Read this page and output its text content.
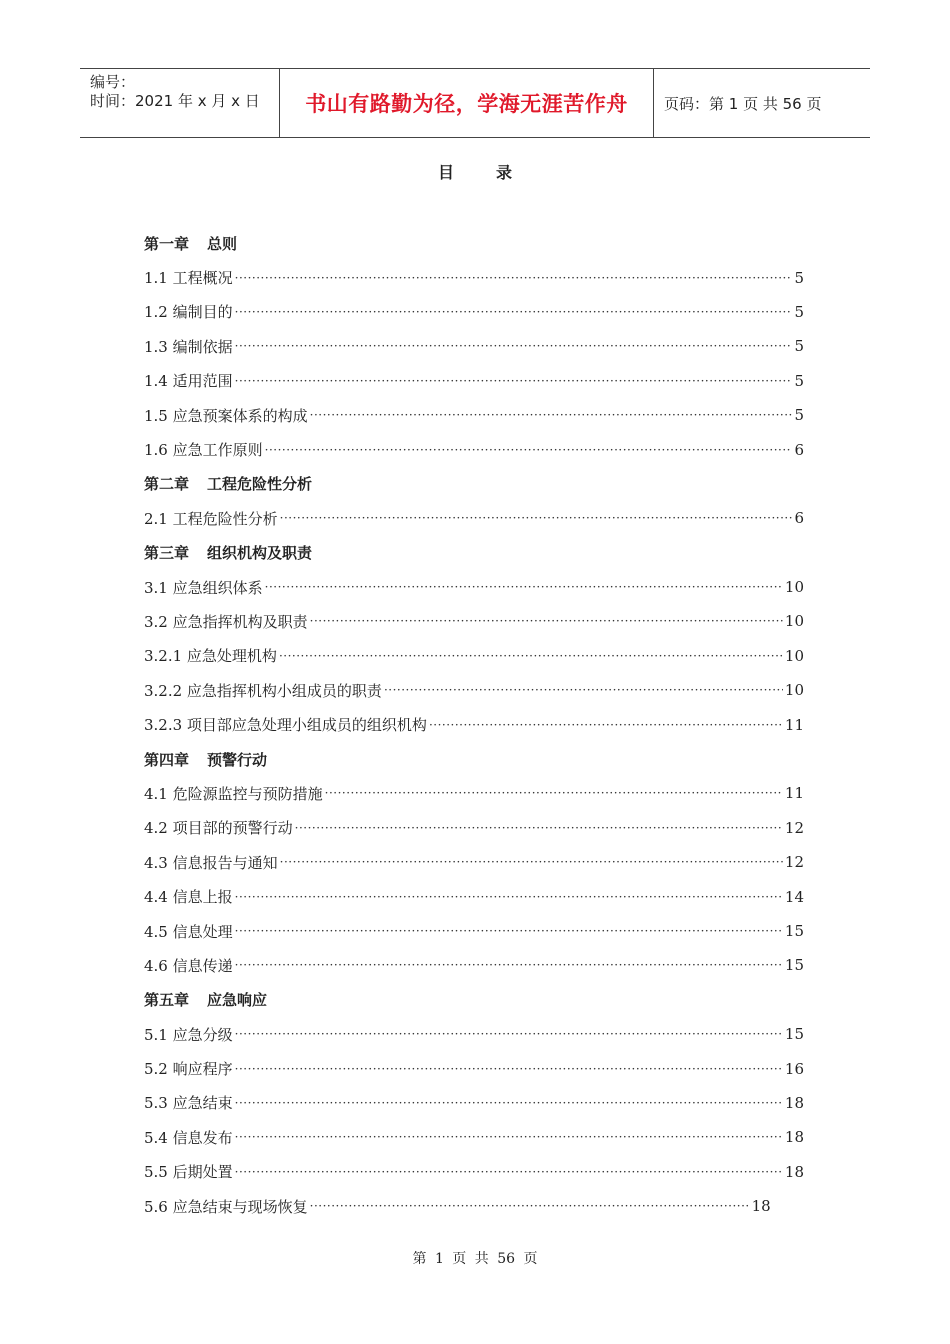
编号：
时间：2021 年 x 月 x 日 书山有路勤为径，学海无涯苦作舟	页码：第 1 页 共 56 页
目	录
第一章 总则
1.1 工程概况 ·····	5
1.2 编制目的 ·····	5
1.3 编制依据 ·····	5
1.4 适用范围 ·····	5
1.5 应急预案体系的构成 ·····	5
1.6 应急工作原则 ·····	6
第二章 工程危险性分析
2.1 工程危险性分析 ·····	6
第三章 组织机构及职责
3.1 应急组织体系 ·····	10
3.2 应急指挥机构及职责 ·····	10
3.2.1 应急处理机构 ·····	10
3.2.2 应急指挥机构小组成员的职责 ·····	10
3.2.3 项目部应急处理小组成员的组织机构 ·····	11
第四章 预警行动
4.1 危险源监控与预防措施 ·····	11
4.2 项目部的预警行动 ·····	12
4.3 信息报告与通知 ·····	12
4.4 信息上报 ·····	14
4.5 信息处理 ·····	15
4.6 信息传递 ·····	15
第五章 应急响应
5.1 应急分级 ·····	15
5.2 响应程序 ·····	16
5.3 应急结束 ·····	18
5.4 信息发布 ·····	18
5.5 后期处置 ·····	18
5.6 应急结束与现场恢复 ·····	18
第 1 页 共 56 页
